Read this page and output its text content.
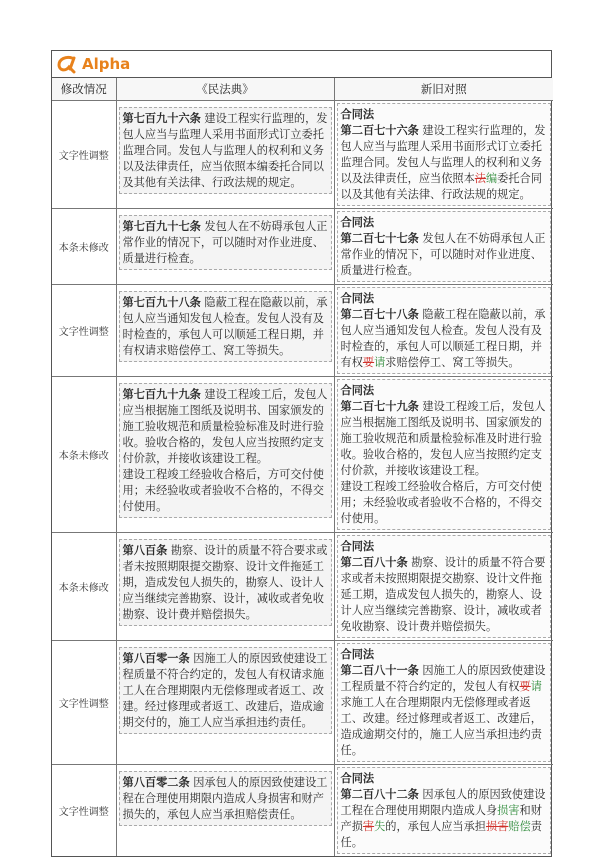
Alpha
修改情况	《民法典》	新旧对照
文字性调整	第七百九十六条 建设工程实行监理的，发包人应当与监理人采用书面形式订立委托监理合同。发包人与监理人的权利和义务以及法律责任，应当依照本编委托合同以及其他有关法律、行政法规的规定。	合同法
第二百七十六条 建设工程实行监理的，发包人应当与监理人采用书面形式订立委托监理合同。发包人与监理人的权利和义务以及法律责任，应当依照本法编委托合同以及其他有关法律、行政法规的规定。

本条未修改	第七百九十七条 发包人在不妨碍承包人正常作业的情况下，可以随时对作业进度、质量进行检查。	合同法
第二百七十七条 发包人在不妨碍承包人正常作业的情况下，可以随时对作业进度、质量进行检查。

文字性调整	第七百九十八条 隐蔽工程在隐蔽以前，承包人应当通知发包人检查。发包人没有及时检查的，承包人可以顺延工程日期，并有权请求赔偿停工、窝工等损失。	合同法
第二百七十八条 隐蔽工程在隐蔽以前，承包人应当通知发包人检查。发包人没有及时检查的，承包人可以顺延工程日期，并有权要请求赔偿停工、窝工等损失。

本条未修改	第七百九十九条 建设工程竣工后，发包人应当根据施工图纸及说明书、国家颁发的施工验收规范和质量检验标准及时进行验收。验收合格的，发包人应当按照约定支付价款，并接收该建设工程。
建设工程竣工经验收合格后，方可交付使用；未经验收或者验收不合格的，不得交付使用。	合同法
第二百七十九条 建设工程竣工后，发包人应当根据施工图纸及说明书、国家颁发的施工验收规范和质量检验标准及时进行验收。验收合格的，发包人应当按照约定支付价款，并接收该建设工程。
建设工程竣工经验收合格后，方可交付使用；未经验收或者验收不合格的，不得交付使用。

本条未修改	第八百条 勘察、设计的质量不符合要求或者未按照期限提交勘察、设计文件拖延工期，造成发包人损失的，勘察人、设计人应当继续完善勘察、设计，减收或者免收勘察、设计费并赔偿损失。	合同法
第二百八十条 勘察、设计的质量不符合要求或者未按照期限提交勘察、设计文件拖延工期，造成发包人损失的，勘察人、设计人应当继续完善勘察、设计，减收或者免收勘察、设计费并赔偿损失。

文字性调整	第八百零一条 因施工人的原因致使建设工程质量不符合约定的，发包人有权请求施工人在合理期限内无偿修理或者返工、改建。经过修理或者返工、改建后，造成逾期交付的，施工人应当承担违约责任。	合同法
第二百八十一条 因施工人的原因致使建设工程质量不符合约定的，发包人有权要请求施工人在合理期限内无偿修理或者返工、改建。经过修理或者返工、改建后，造成逾期交付的，施工人应当承担违约责任。

文字性调整	第八百零二条 因承包人的原因致使建设工程在合理使用期限内造成人身损害和财产损失的，承包人应当承担赔偿责任。	合同法
第二百八十二条 因承包人的原因致使建设工程在合理使用期限内造成人身损害和财产损害失的，承包人应当承担损害赔偿责任。
